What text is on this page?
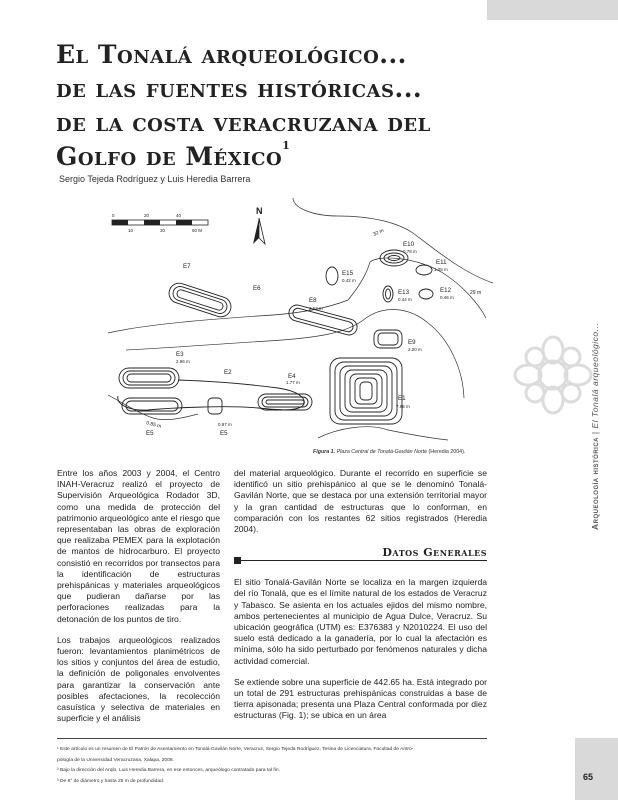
65
Arqueología histórica | El Tonalá arqueológico...
El Tonalá arqueológico...
de las fuentes históricas...
de la costa veracruzana del
Golfo de México$^1$
Sergio Tejeda Rodríguez y Luis Heredia Barrera
0	20	40
10	30	50 M
N
32 m
29 m
0.85 m
E7
E6
E8
2.52 m
E3
2.96 m
E2
E4
1.77 m
E5
0.97 m
E5
E1
7.66 m
E9
2.20 m
E15
0.42 m
E10
0.78 m
E11
1.05 m
E12
0.46 m
E13
0.44 m
Figura 1. Plaza Central de Tonalá-Gavilán Norte (Heredia 2004).

Entre los años 2003 y 2004, el Centro INAH-Veracruz realizó el proyecto de Supervisión Arqueológica Rodador 3D, como una medida de protección del patrimonio arqueológico ante el riesgo que representaban las obras de exploración que realizaba PEMEX para la explotación de mantos de hidrocarburo. El proyecto consistió en recorridos por transectos para la identificación de estructuras prehispánicas y materiales arqueológicos que pudieran dañarse por las perforaciones realizadas para la detonación de los puntos de tiro.

Los trabajos arqueológicos realizados fueron: levantamientos planimétricos de los sitios y conjuntos del área de estudio, la definición de poligonales envolventes para garantizar la conservación ante posibles afectaciones, la recolección casuística y selectiva de materiales en superficie y el análisis

del material arqueológico. Durante el recorrido en superficie se identificó un sitio prehispánico al que se le denominó Tonalá-Gavilán Norte, que se destaca por una extensión territorial mayor y la gran cantidad de estructuras que lo conforman, en comparación con los restantes 62 sitios registrados (Heredia 2004).

Datos Generales

El sitio Tonalá-Gavilán Norte se localiza en la margen izquierda del río Tonalá, que es el límite natural de los estados de Veracruz y Tabasco. Se asienta en los actuales ejidos del mismo nombre, ambos pertenecientes al municipio de Agua Dulce, Veracruz. Su ubicación geográfica (UTM) es: E376383 y N2010224. El uso del suelo está dedicado a la ganadería, por lo cual la afectación es mínima, sólo ha sido perturbado por fenómenos naturales y dicha actividad comercial.

Se extiende sobre una superficie de 442.65 ha. Está integrado por un total de 291 estructuras prehispánicas construidas a base de tierra apisonada; presenta una Plaza Central conformada por diez estructuras (Fig. 1); se ubica en un área

¹ Este artículo es un resumen de El Patrón de Asentamiento en Tonalá-Gavilán Norte, Veracruz, Sergio Tejeda Rodríguez, Tesina de Licenciatura, Facultad de Antro-
pología de la Universidad Veracruzana, Xalapa, 2008.
² Bajo la dirección del Arqlo. Luis Heredia Barrera, en ese entonces, arqueólogo contratado para tal fin.
³ De 6° de diámetro y hasta 25 m de profundidad.
